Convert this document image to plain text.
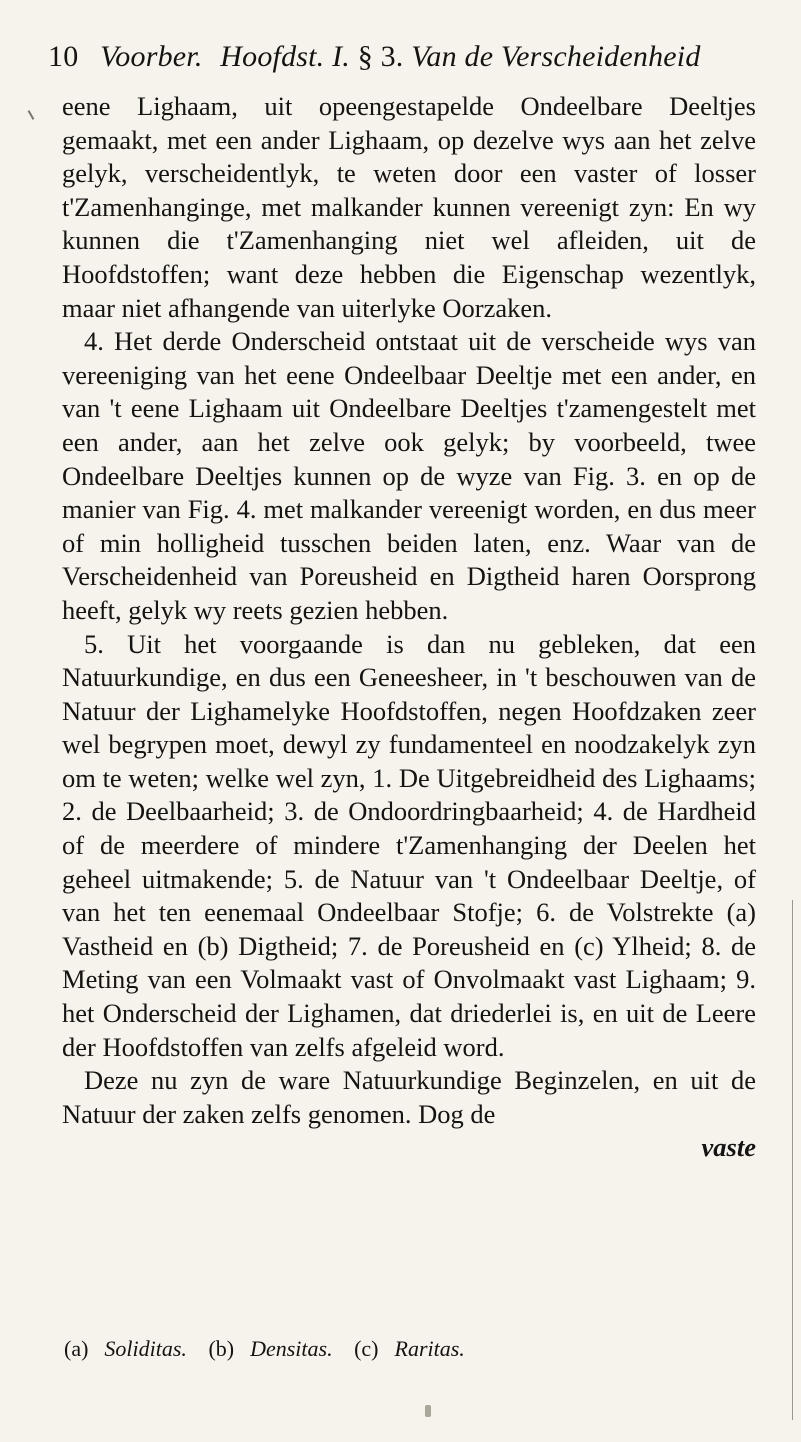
10 Voorber. Hoofdst. I. § 3. Van de Verscheidenheid

eene Lighaam, uit opeengestapelde Ondeelbare Deeltjes gemaakt, met een ander Lighaam, op dezelve wys aan het zelve gelyk, verscheidentlyk, te weten door een vaster of losser t'Zamenhanginge, met malkander kunnen vereenigt zyn: En wy kunnen die t'Zamenhanging niet wel afleiden, uit de Hoofdstoffen; want deze hebben die Eigenschap wezentlyk, maar niet afhangende van uiterlyke Oorzaken.

4. Het derde Onderscheid ontstaat uit de verscheide wys van vereeniging van het eene Ondeelbaar Deeltje met een ander, en van 't eene Lighaam uit Ondeelbare Deeltjes t'zamengestelt met een ander, aan het zelve ook gelyk; by voorbeeld, twee Ondeelbare Deeltjes kunnen op de wyze van Fig. 3. en op de manier van Fig. 4. met malkander vereenigt worden, en dus meer of min holligheid tusschen beiden laten, enz. Waar van de Verscheidenheid van Poreusheid en Digtheid haren Oorsprong heeft, gelyk wy reets gezien hebben.

5. Uit het voorgaande is dan nu gebleken, dat een Natuurkundige, en dus een Geneesheer, in 't beschouwen van de Natuur der Lighamelyke Hoofdstoffen, negen Hoofdzaken zeer wel begrypen moet, dewyl zy fundamenteel en noodzakelyk zyn om te weten; welke wel zyn, 1. De Uitgebreidheid des Lighaams; 2. de Deelbaarheid; 3. de Ondoordringbaarheid; 4. de Hardheid of de meerdere of mindere t'Zamenhanging der Deelen het geheel uitmakende; 5. de Natuur van 't Ondeelbaar Deeltje, of van het ten eenemaal Ondeelbaar Stofje; 6. de Volstrekte (a) Vastheid en (b) Digtheid; 7. de Poreusheid en (c) Ylheid; 8. de Meting van een Volmaakt vast of Onvolmaakt vast Lighaam; 9. het Onderscheid der Lighamen, dat driederlei is, en uit de Leere der Hoofdstoffen van zelfs afgeleid word.

Deze nu zyn de ware Natuurkundige Beginzelen, en uit de Natuur der zaken zelfs genomen. Dog de

vaste
(a) Soliditas. (b) Densitas. (c) Raritas.
